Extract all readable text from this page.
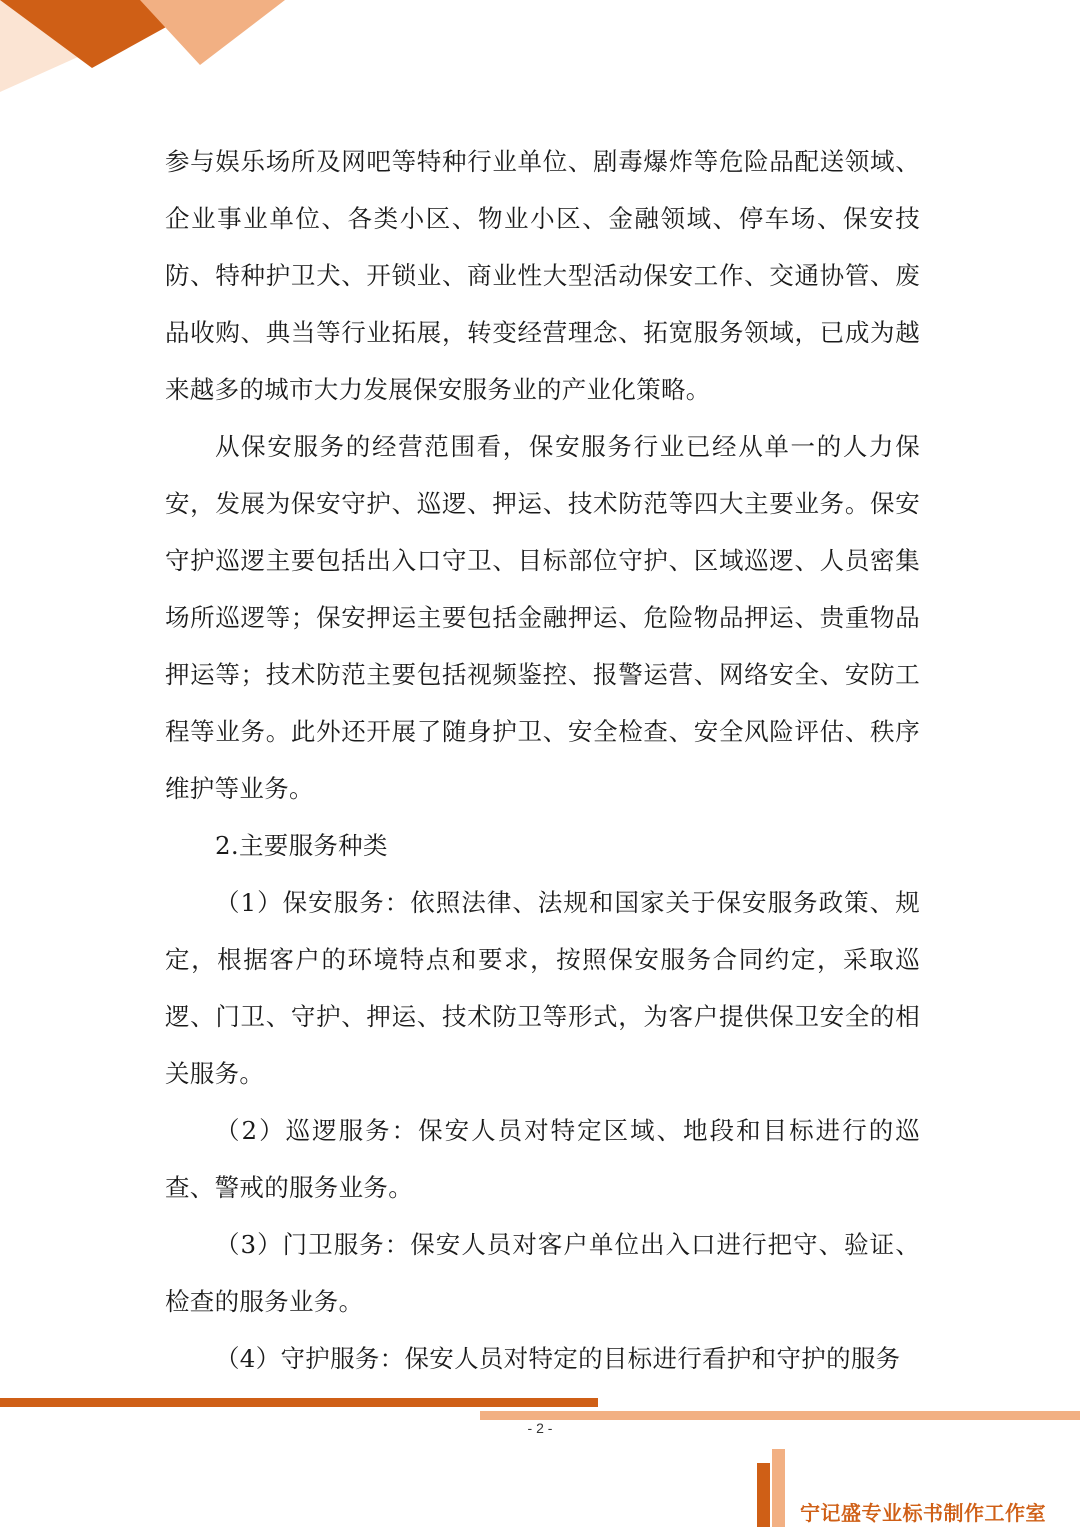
参与娱乐场所及网吧等特种行业单位、剧毒爆炸等危险品配送领域、企业事业单位、各类小区、物业小区、金融领域、停车场、保安技防、特种护卫犬、开锁业、商业性大型活动保安工作、交通协管、废品收购、典当等行业拓展，转变经营理念、拓宽服务领域，已成为越来越多的城市大力发展保安服务业的产业化策略。

从保安服务的经营范围看，保安服务行业已经从单一的人力保安，发展为保安守护、巡逻、押运、技术防范等四大主要业务。保安守护巡逻主要包括出入口守卫、目标部位守护、区域巡逻、人员密集场所巡逻等；保安押运主要包括金融押运、危险物品押运、贵重物品押运等；技术防范主要包括视频鉴控、报警运营、网络安全、安防工程等业务。此外还开展了随身护卫、安全检查、安全风险评估、秩序维护等业务。

2.主要服务种类

（1）保安服务：依照法律、法规和国家关于保安服务政策、规定，根据客户的环境特点和要求，按照保安服务合同约定，采取巡逻、门卫、守护、押运、技术防卫等形式，为客户提供保卫安全的相关服务。

（2）巡逻服务：保安人员对特定区域、地段和目标进行的巡查、警戒的服务业务。

（3）门卫服务：保安人员对客户单位出入口进行把守、验证、检查的服务业务。

（4）守护服务：保安人员对特定的目标进行看护和守护的服务

- 2 -
宁记盛专业标书制作工作室
